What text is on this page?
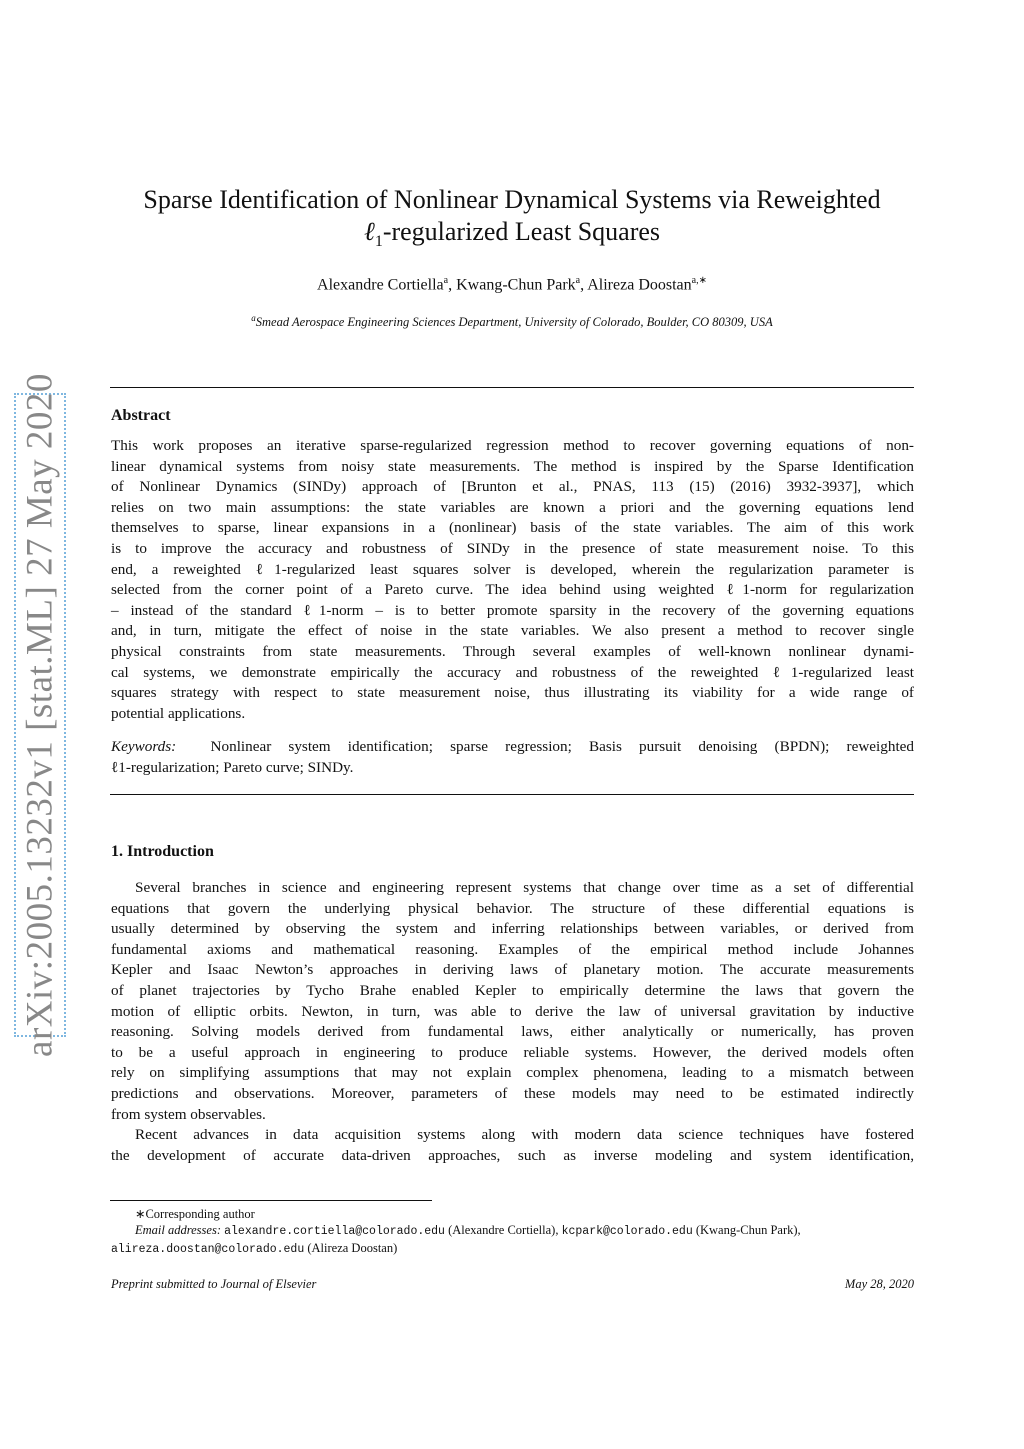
arXiv:2005.13232v1 [stat.ML] 27 May 2020
Sparse Identification of Nonlinear Dynamical Systems via Reweighted
ℓ$_1$-regularized Least Squares
Alexandre Cortiella$^a$, Kwang-Chun Park$^a$, Alireza Doostan$^{a,∗}$
$^a$Smead Aerospace Engineering Sciences Department, University of Colorado, Boulder, CO 80309, USA
Abstract
This work proposes an iterative sparse-regularized regression method to recover governing equations of non-
linear dynamical systems from noisy state measurements. The method is inspired by the Sparse Identification
of Nonlinear Dynamics (SINDy) approach of [Brunton et al., PNAS, 113 (15) (2016) 3932-3937], which
relies on two main assumptions: the state variables are known a priori and the governing equations lend
themselves to sparse, linear expansions in a (nonlinear) basis of the state variables. The aim of this work
is to improve the accuracy and robustness of SINDy in the presence of state measurement noise. To this
end, a reweighted ℓ1-regularized least squares solver is developed, wherein the regularization parameter is
selected from the corner point of a Pareto curve. The idea behind using weighted ℓ1-norm for regularization
– instead of the standard ℓ1-norm – is to better promote sparsity in the recovery of the governing equations
and, in turn, mitigate the effect of noise in the state variables. We also present a method to recover single
physical constraints from state measurements. Through several examples of well-known nonlinear dynami-
cal systems, we demonstrate empirically the accuracy and robustness of the reweighted ℓ1-regularized least
squares strategy with respect to state measurement noise, thus illustrating its viability for a wide range of
potential applications.
Keywords: Nonlinear system identification; sparse regression; Basis pursuit denoising (BPDN); reweighted
ℓ1-regularization; Pareto curve; SINDy.
1. Introduction
Several branches in science and engineering represent systems that change over time as a set of differential
equations that govern the underlying physical behavior. The structure of these differential equations is
usually determined by observing the system and inferring relationships between variables, or derived from
fundamental axioms and mathematical reasoning. Examples of the empirical method include Johannes
Kepler and Isaac Newton’s approaches in deriving laws of planetary motion. The accurate measurements
of planet trajectories by Tycho Brahe enabled Kepler to empirically determine the laws that govern the
motion of elliptic orbits. Newton, in turn, was able to derive the law of universal gravitation by inductive
reasoning. Solving models derived from fundamental laws, either analytically or numerically, has proven
to be a useful approach in engineering to produce reliable systems. However, the derived models often
rely on simplifying assumptions that may not explain complex phenomena, leading to a mismatch between
predictions and observations. Moreover, parameters of these models may need to be estimated indirectly
from system observables.
Recent advances in data acquisition systems along with modern data science techniques have fostered
the development of accurate data-driven approaches, such as inverse modeling and system identification,
∗Corresponding author
Email addresses: alexandre.cortiella@colorado.edu (Alexandre Cortiella), kcpark@colorado.edu (Kwang-Chun Park),
alireza.doostan@colorado.edu (Alireza Doostan)
Preprint submitted to Journal of Elsevier	May 28, 2020
